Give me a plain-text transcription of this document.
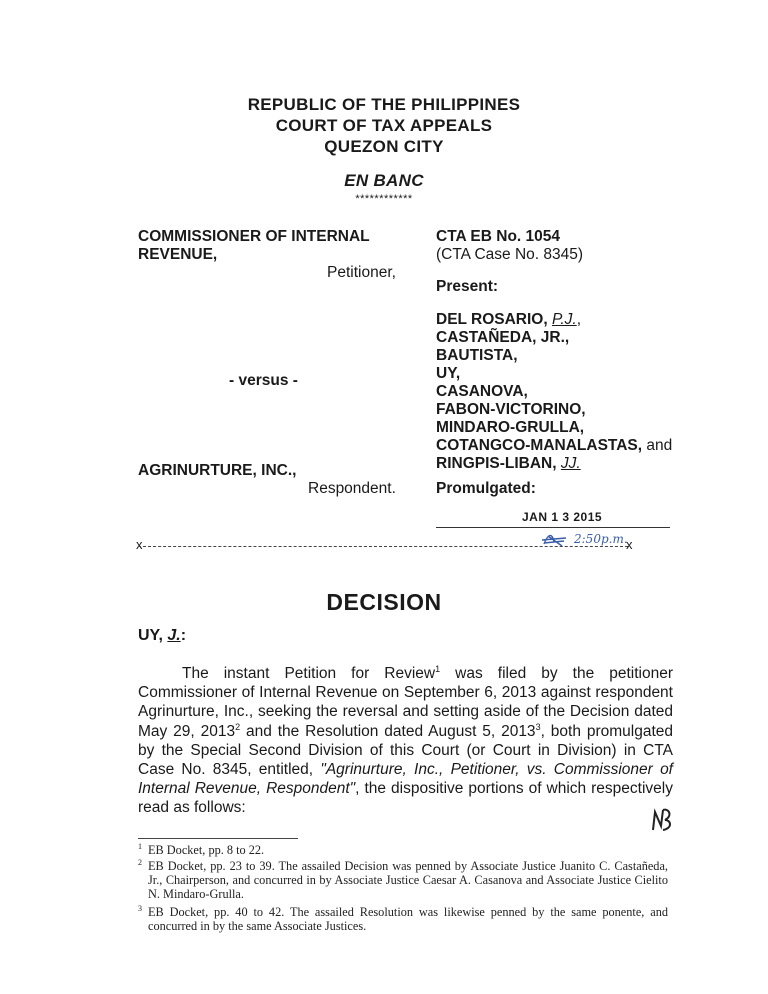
REPUBLIC OF THE PHILIPPINES
COURT OF TAX APPEALS
QUEZON CITY
EN BANC
************
COMMISSIONER OF INTERNAL
REVENUE,
Petitioner,
- versus -
AGRINURTURE, INC.,
Respondent.
CTA EB No. 1054
(CTA Case No. 8345)
Present:
DEL ROSARIO, P.J.,
CASTAÑEDA, JR.,
BAUTISTA,
UY,
CASANOVA,
FABON-VICTORINO,
MINDARO-GRULLA,
COTANGCO-MANALASTAS, and
RINGPIS-LIBAN, JJ.
Promulgated:
JAN 1 3 2015
2:50p.m.
x	x
DECISION
UY, J.:
The instant Petition for Review$^1$ was filed by the petitioner Commissioner of Internal Revenue on September 6, 2013 against respondent Agrinurture, Inc., seeking the reversal and setting aside of the Decision dated May 29, 2013$^2$ and the Resolution dated August 5, 2013$^3$, both promulgated by the Special Second Division of this Court (or Court in Division) in CTA Case No. 8345, entitled, "Agrinurture, Inc., Petitioner, vs. Commissioner of Internal Revenue, Respondent", the dispositive portions of which respectively read as follows:
1 EB Docket, pp. 8 to 22.
2 EB Docket, pp. 23 to 39. The assailed Decision was penned by Associate Justice Juanito C. Castañeda, Jr., Chairperson, and concurred in by Associate Justice Caesar A. Casanova and Associate Justice Cielito N. Mindaro-Grulla.
3 EB Docket, pp. 40 to 42. The assailed Resolution was likewise penned by the same ponente, and concurred in by the same Associate Justices.
